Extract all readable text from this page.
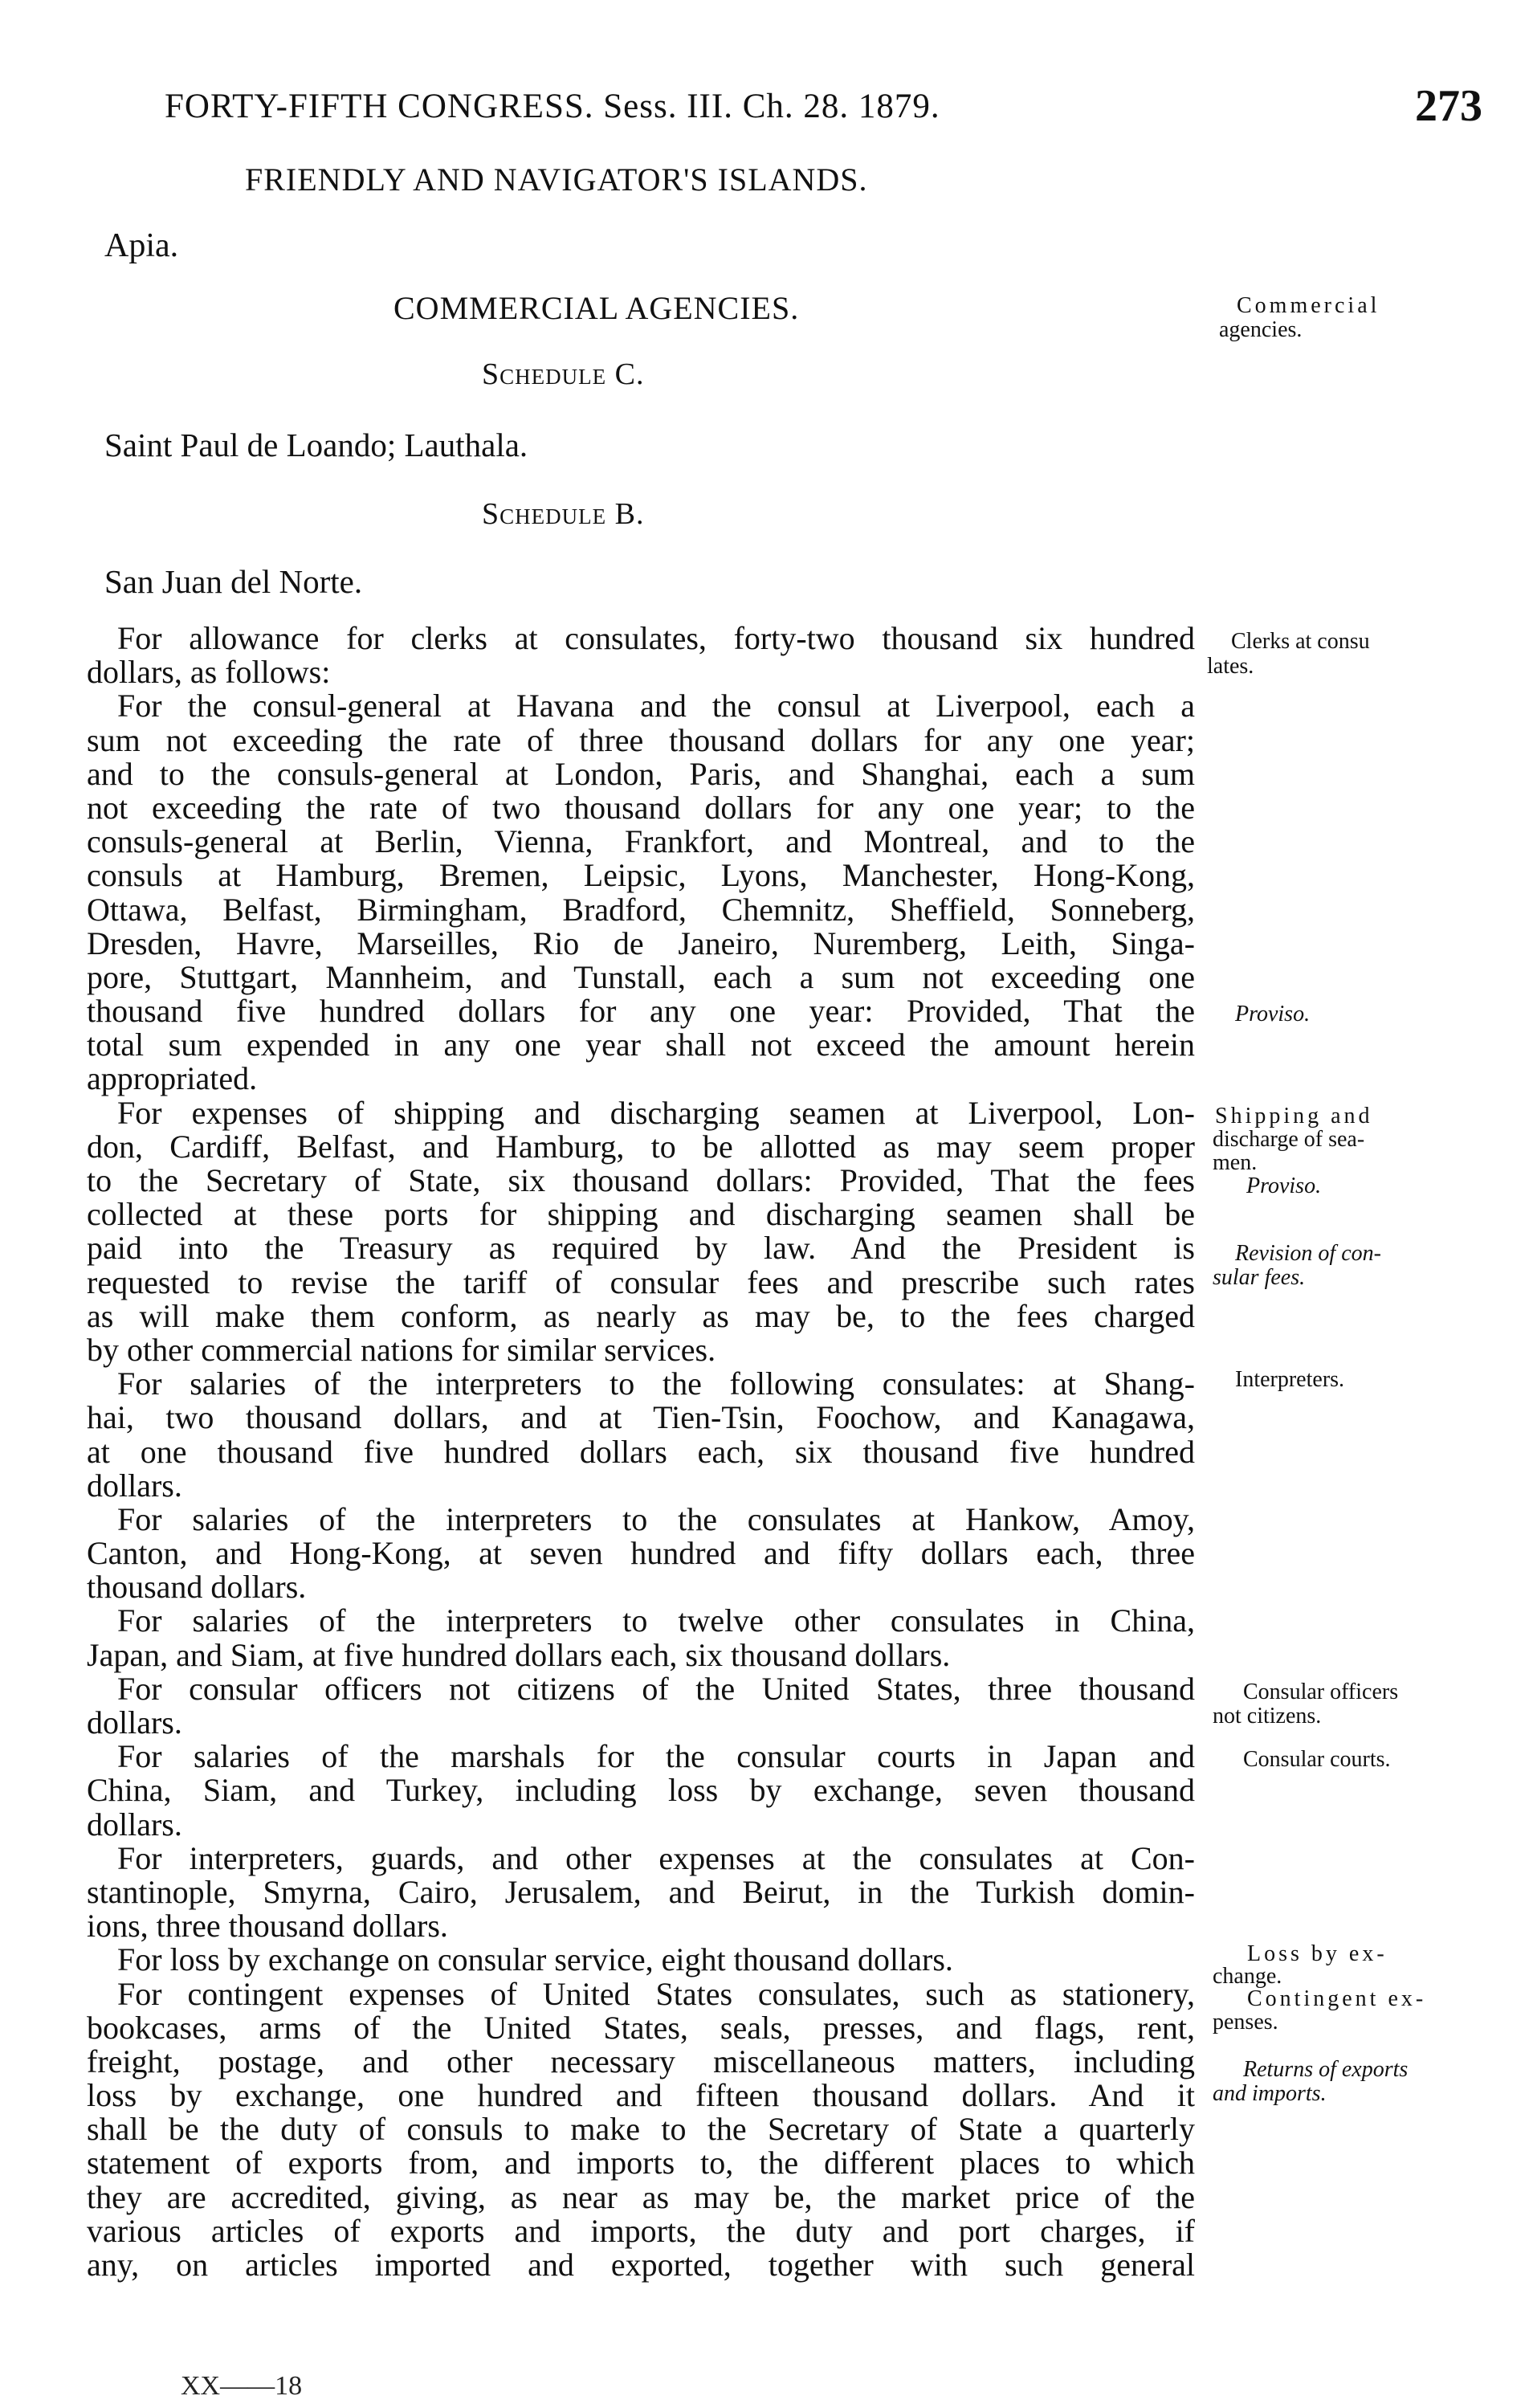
FORTY-FIFTH CONGRESS. Sess. III. Ch. 28. 1879.	273
FRIENDLY AND NAVIGATOR'S ISLANDS.
Apia.
COMMERCIAL AGENCIES.
Schedule C.
Saint Paul de Loando; Lauthala.
Schedule B.
San Juan del Norte.
For allowance for clerks at consulates, forty-two thousand six hundred
dollars, as follows:
For the consul-general at Havana and the consul at Liverpool, each a
sum not exceeding the rate of three thousand dollars for any one year;
and to the consuls-general at London, Paris, and Shanghai, each a sum
not exceeding the rate of two thousand dollars for any one year; to the
consuls-general at Berlin, Vienna, Frankfort, and Montreal, and to the
consuls at Hamburg, Bremen, Leipsic, Lyons, Manchester, Hong-Kong,
Ottawa, Belfast, Birmingham, Bradford, Chemnitz, Sheffield, Sonneberg,
Dresden, Havre, Marseilles, Rio de Janeiro, Nuremberg, Leith, Singa-
pore, Stuttgart, Mannheim, and Tunstall, each a sum not exceeding one
thousand five hundred dollars for any one year: Provided, That the
total sum expended in any one year shall not exceed the amount herein
appropriated.
For expenses of shipping and discharging seamen at Liverpool, Lon-
don, Cardiff, Belfast, and Hamburg, to be allotted as may seem proper
to the Secretary of State, six thousand dollars: Provided, That the fees
collected at these ports for shipping and discharging seamen shall be
paid into the Treasury as required by law. And the President is
requested to revise the tariff of consular fees and prescribe such rates
as will make them conform, as nearly as may be, to the fees charged
by other commercial nations for similar services.
For salaries of the interpreters to the following consulates: at Shang-
hai, two thousand dollars, and at Tien-Tsin, Foochow, and Kanagawa,
at one thousand five hundred dollars each, six thousand five hundred
dollars.
For salaries of the interpreters to the consulates at Hankow, Amoy,
Canton, and Hong-Kong, at seven hundred and fifty dollars each, three
thousand dollars.
For salaries of the interpreters to twelve other consulates in China,
Japan, and Siam, at five hundred dollars each, six thousand dollars.
For consular officers not citizens of the United States, three thousand
dollars.
For salaries of the marshals for the consular courts in Japan and
China, Siam, and Turkey, including loss by exchange, seven thousand
dollars.
For interpreters, guards, and other expenses at the consulates at Con-
stantinople, Smyrna, Cairo, Jerusalem, and Beirut, in the Turkish domin-
ions, three thousand dollars.
For loss by exchange on consular service, eight thousand dollars.
For contingent expenses of United States consulates, such as stationery,
bookcases, arms of the United States, seals, presses, and flags, rent,
freight, postage, and other necessary miscellaneous matters, including
loss by exchange, one hundred and fifteen thousand dollars. And it
shall be the duty of consuls to make to the Secretary of State a quarterly
statement of exports from, and imports to, the different places to which
they are accredited, giving, as near as may be, the market price of the
various articles of exports and imports, the duty and port charges, if
any, on articles imported and exported, together with such general
Commercial
agencies.
Clerks at consu
lates.
Proviso.
Shipping and
discharge of sea-
men.
Proviso.
Revision of con-
sular fees.
Interpreters.
Consular officers
not citizens.
Consular courts.
Loss by ex-
change.
Contingent ex-
penses.
Returns of exports
and imports.
XX——18
